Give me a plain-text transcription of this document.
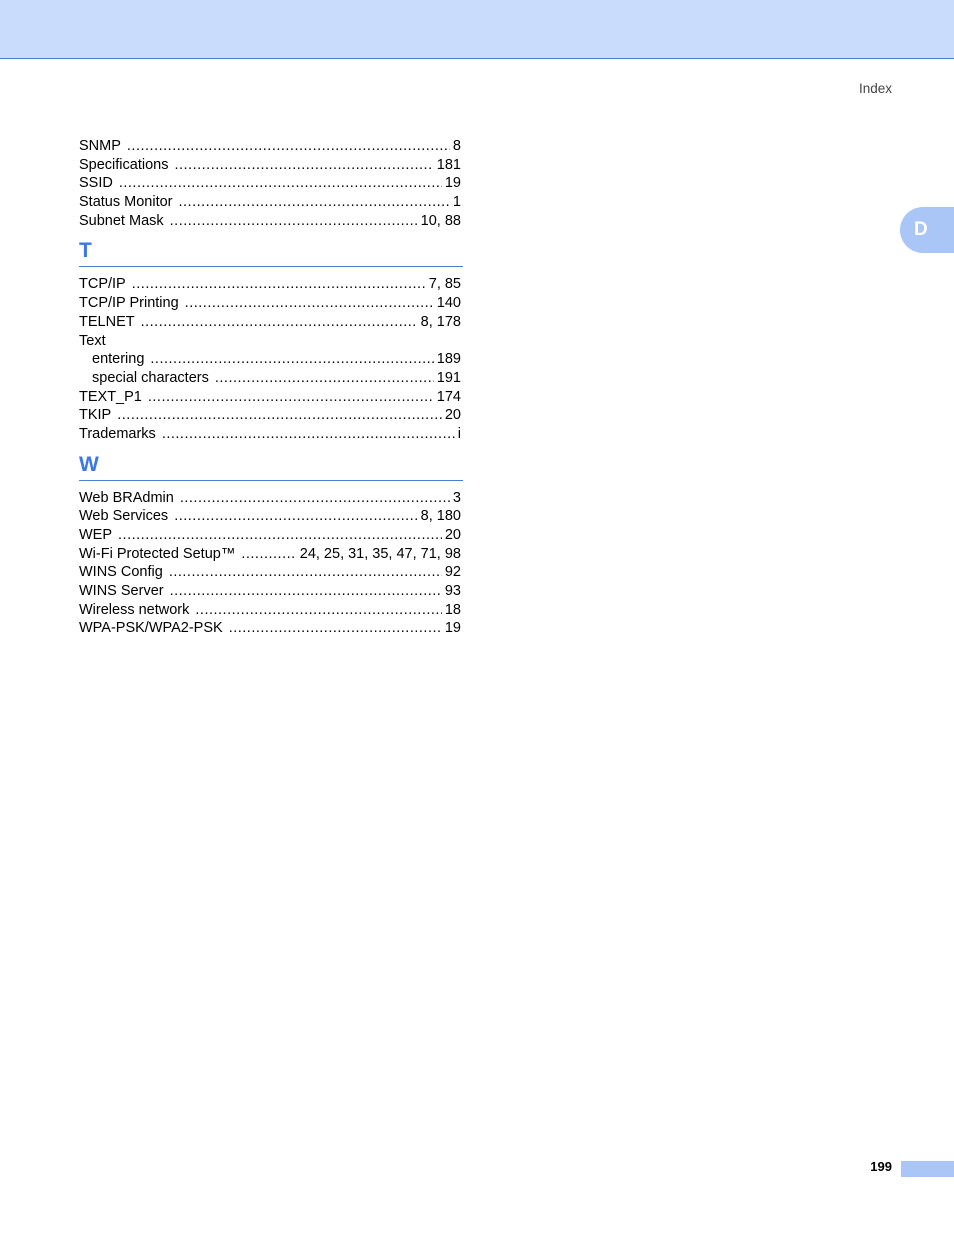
Index
D
SNMP .....	8
Specifications .....	181
SSID .....	19
Status Monitor .....	1
Subnet Mask .....	10, 88
T
TCP/IP .....	7, 85
TCP/IP Printing .....	140
TELNET .....	8, 178
Text
entering .....	189
special characters .....	191
TEXT_P1 .....	174
TKIP .....	20
Trademarks .....	i
W
Web BRAdmin .....	3
Web Services .....	8, 180
WEP .....	20
Wi-Fi Protected Setup™ .....	24, 25, 31, 35, 47, 71, 98
WINS Config .....	92
WINS Server .....	93
Wireless network .....	18
WPA-PSK/WPA2-PSK .....	19
199
